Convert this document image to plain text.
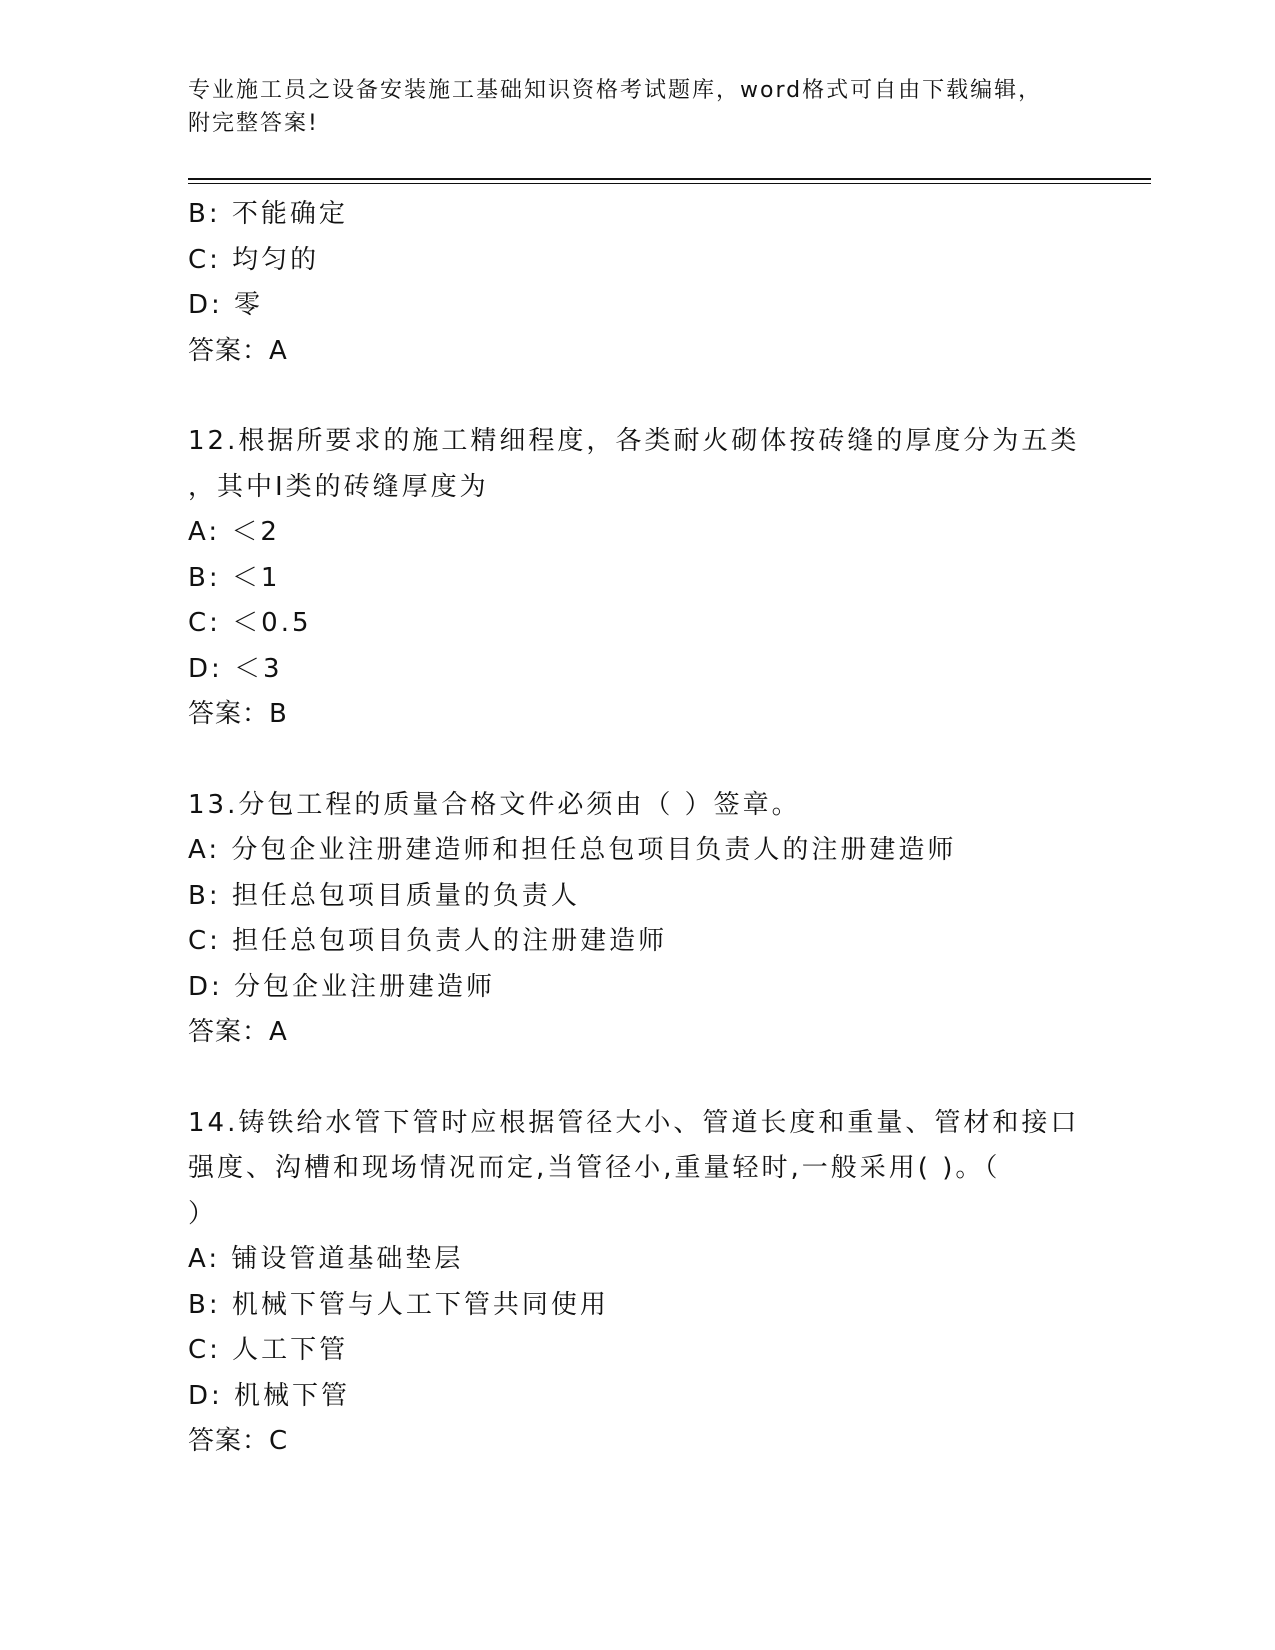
专业施工员之设备安装施工基础知识资格考试题库，word格式可自由下载编辑，
附完整答案!
B: 不能确定
C: 均匀的
D: 零
答案：A
12.根据所要求的施工精细程度，各类耐火砌体按砖缝的厚度分为五类
，其中Ⅰ类的砖缝厚度为
A: ＜2
B: ＜1
C: ＜0.5
D: ＜3
答案：B
13.分包工程的质量合格文件必须由（ ）签章。
A: 分包企业注册建造师和担任总包项目负责人的注册建造师
B: 担任总包项目质量的负责人
C: 担任总包项目负责人的注册建造师
D: 分包企业注册建造师
答案：A
14.铸铁给水管下管时应根据管径大小、管道长度和重量、管材和接口
强度、沟槽和现场情况而定,当管径小,重量轻时,一般采用( )。（
）
A: 铺设管道基础垫层
B: 机械下管与人工下管共同使用
C: 人工下管
D: 机械下管
答案：C
